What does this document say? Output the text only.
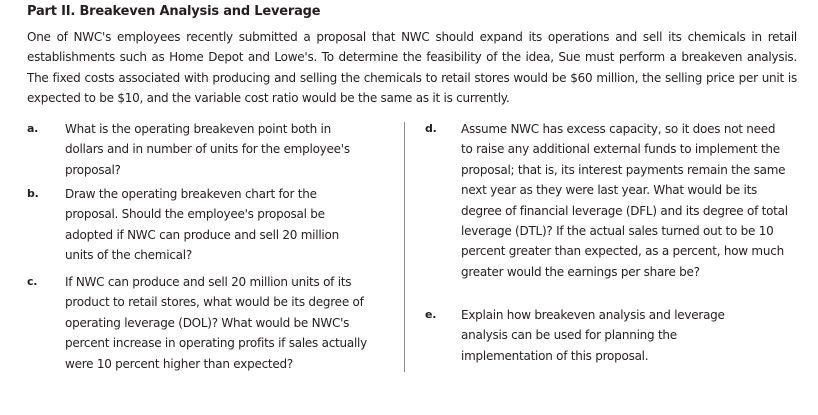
Part II. Breakeven Analysis and Leverage
One of NWC's employees recently submitted a proposal that NWC should expand its operations and sell its chemicals in retail establishments such as Home Depot and Lowe's. To determine the feasibility of the idea, Sue must perform a breakeven analysis. The fixed costs associated with producing and selling the chemicals to retail stores would be $60 million, the selling price per unit is expected to be $10, and the variable cost ratio would be the same as it is currently.
a. What is the operating breakeven point both in dollars and in number of units for the employee's proposal?
b. Draw the operating breakeven chart for the proposal. Should the employee's proposal be adopted if NWC can produce and sell 20 million units of the chemical?
c. If NWC can produce and sell 20 million units of its product to retail stores, what would be its degree of operating leverage (DOL)? What would be NWC's percent increase in operating profits if sales actually were 10 percent higher than expected?
d. Assume NWC has excess capacity, so it does not need to raise any additional external funds to implement the proposal; that is, its interest payments remain the same next year as they were last year. What would be its degree of financial leverage (DFL) and its degree of total leverage (DTL)? If the actual sales turned out to be 10 percent greater than expected, as a percent, how much greater would the earnings per share be?
e. Explain how breakeven analysis and leverage analysis can be used for planning the implementation of this proposal.
